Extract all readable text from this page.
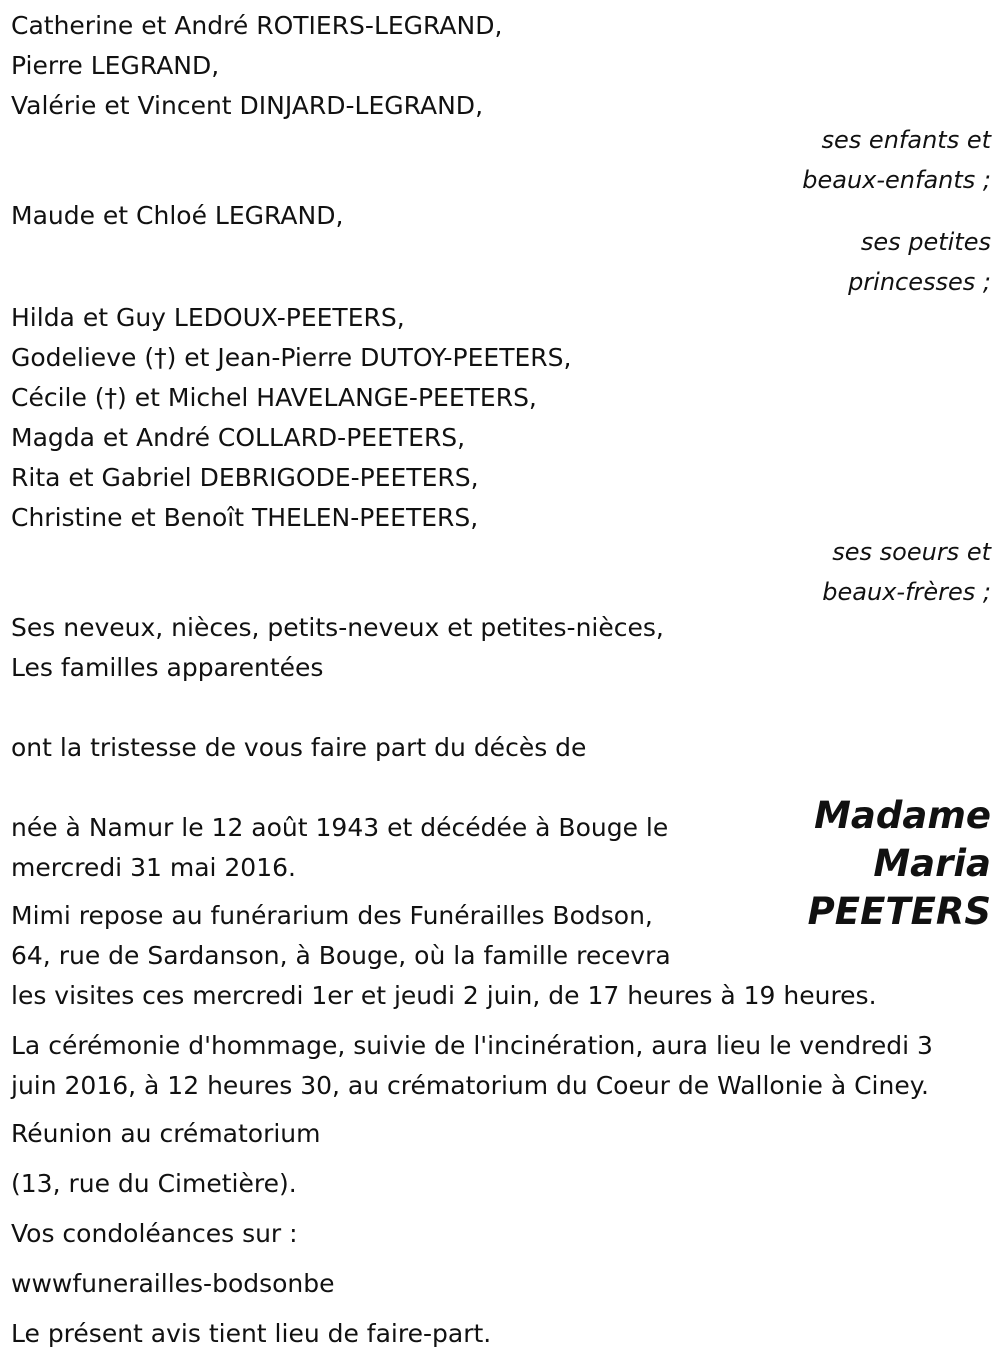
Catherine et André ROTIERS-LEGRAND,
Pierre LEGRAND,
Valérie et Vincent DINJARD-LEGRAND,
ses enfants et
beaux-enfants ;
Maude et Chloé LEGRAND,
ses petites
princesses ;
Hilda et Guy LEDOUX-PEETERS,
Godelieve (†) et Jean-Pierre DUTOY-PEETERS,
Cécile (†) et Michel HAVELANGE-PEETERS,
Magda et André COLLARD-PEETERS,
Rita et Gabriel DEBRIGODE-PEETERS,
Christine et Benoît THELEN-PEETERS,
ses soeurs et
beaux-frères ;
Ses neveux, nièces, petits-neveux et petites-nièces,
Les familles apparentées
ont la tristesse de vous faire part du décès de
née à Namur le 12 août 1943 et décédée à Bouge le
mercredi 31 mai 2016.
Mimi repose au funérarium des Funérailles Bodson,
64, rue de Sardanson, à Bouge, où la famille recevra
les visites ces mercredi 1er et jeudi 2 juin, de 17 heures à 19 heures.
La cérémonie d'hommage, suivie de l'incinération, aura lieu le vendredi 3
juin 2016, à 12 heures 30, au crématorium du Coeur de Wallonie à Ciney.
Réunion au crématorium
(13, rue du Cimetière).
Vos condoléances sur :
wwwfunerailles-bodsonbe
Le présent avis tient lieu de faire-part.
Madame
Maria
PEETERS
